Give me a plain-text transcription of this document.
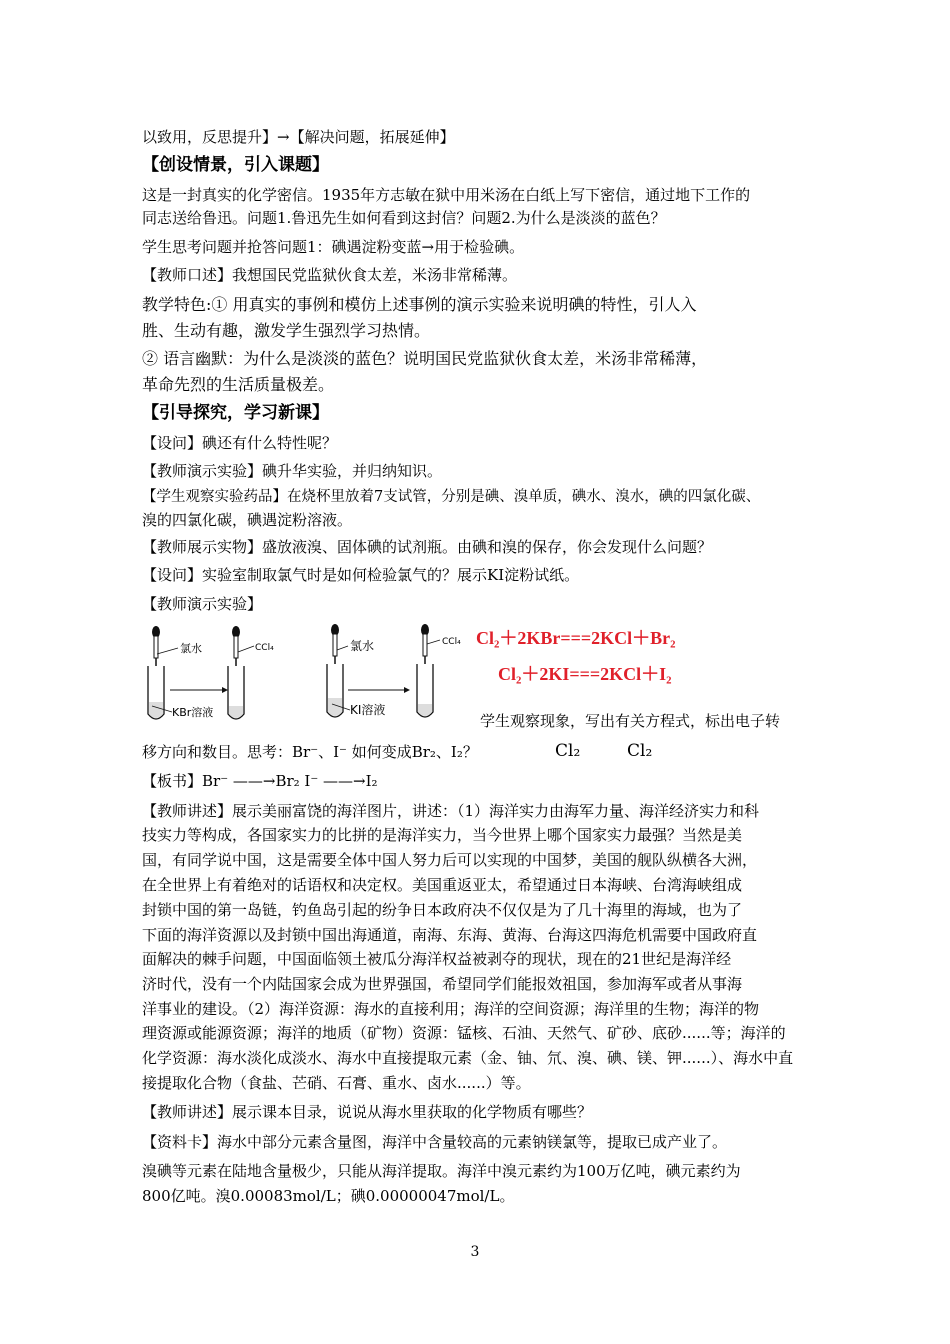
以致用，反思提升】→【解决问题，拓展延伸】
【创设情景，引入课题】
这是一封真实的化学密信。1935年方志敏在狱中用米汤在白纸上写下密信，通过地下工作的
同志送给鲁迅。问题1.鲁迅先生如何看到这封信？问题2.为什么是淡淡的蓝色？
学生思考问题并抢答问题1：碘遇淀粉变蓝→用于检验碘。
【教师口述】我想国民党监狱伙食太差，米汤非常稀薄。
教学特色:① 用真实的事例和模仿上述事例的演示实验来说明碘的特性，引人入
胜、生动有趣，激发学生强烈学习热情。
② 语言幽默：为什么是淡淡的蓝色？说明国民党监狱伙食太差，米汤非常稀薄，
革命先烈的生活质量极差。
【引导探究，学习新课】
【设问】碘还有什么特性呢？
【教师演示实验】碘升华实验，并归纳知识。
【学生观察实验药品】在烧杯里放着7支试管，分别是碘、溴单质，碘水、溴水，碘的四氯化碳、
溴的四氯化碳，碘遇淀粉溶液。
【教师展示实物】盛放液溴、固体碘的试剂瓶。由碘和溴的保存，你会发现什么问题？
【设问】实验室制取氯气时是如何检验氯气的？展示KI淀粉试纸。
【教师演示实验】
氯水	CCl₄
KBr溶液
氯水	CCl₄
KI溶液
Cl₂＋2KBr===2KCl＋Br₂
Cl₂＋2KI===2KCl＋I₂
学生观察现象，写出有关方程式，标出电子转
移方向和数目。思考：Br⁻、I⁻ 如何变成Br₂、I₂？	Cl₂	Cl₂
【板书】Br⁻ ——→Br₂ I⁻ ——→I₂
【教师讲述】展示美丽富饶的海洋图片，讲述：（1）海洋实力由海军力量、海洋经济实力和科
技实力等构成，各国家实力的比拼的是海洋实力，当今世界上哪个国家实力最强？当然是美
国，有同学说中国，这是需要全体中国人努力后可以实现的中国梦，美国的舰队纵横各大洲，
在全世界上有着绝对的话语权和决定权。美国重返亚太，希望通过日本海峡、台湾海峡组成
封锁中国的第一岛链，钓鱼岛引起的纷争日本政府决不仅仅是为了几十海里的海域，也为了
下面的海洋资源以及封锁中国出海通道，南海、东海、黄海、台海这四海危机需要中国政府直
面解决的棘手问题，中国面临领土被瓜分海洋权益被剥夺的现状，现在的21世纪是海洋经
济时代，没有一个内陆国家会成为世界强国，希望同学们能报效祖国，参加海军或者从事海
洋事业的建设。（2）海洋资源：海水的直接利用；海洋的空间资源；海洋里的生物；海洋的物
理资源或能源资源；海洋的地质（矿物）资源：锰核、石油、天然气、矿砂、底砂......等；海洋的
化学资源：海水淡化成淡水、海水中直接提取元素（金、铀、氘、溴、碘、镁、钾......）、海水中直
接提取化合物（食盐、芒硝、石膏、重水、卤水......）等。
【教师讲述】展示课本目录，说说从海水里获取的化学物质有哪些？
【资料卡】海水中部分元素含量图，海洋中含量较高的元素钠镁氯等，提取已成产业了。
溴碘等元素在陆地含量极少，只能从海洋提取。海洋中溴元素约为100万亿吨，碘元素约为
800亿吨。溴0.00083mol/L；碘0.00000047mol/L。
3
